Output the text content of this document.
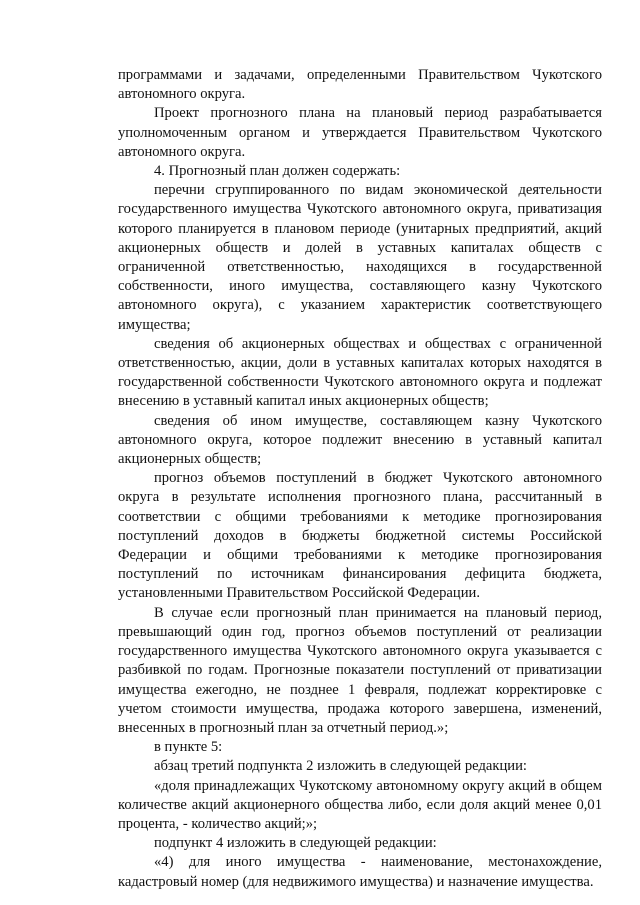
программами и задачами, определенными Правительством Чукотского автономного округа.

Проект прогнозного плана на плановый период разрабатывается уполномоченным органом и утверждается Правительством Чукотского автономного округа.

4. Прогнозный план должен содержать:

перечни сгруппированного по видам экономической деятельности государственного имущества Чукотского автономного округа, приватизация которого планируется в плановом периоде (унитарных предприятий, акций акционерных обществ и долей в уставных капиталах обществ с ограниченной ответственностью, находящихся в государственной собственности, иного имущества, составляющего казну Чукотского автономного округа), с указанием характеристик соответствующего имущества;

сведения об акционерных обществах и обществах с ограниченной ответственностью, акции, доли в уставных капиталах которых находятся в государственной собственности Чукотского автономного округа и подлежат внесению в уставный капитал иных акционерных обществ;

сведения об ином имуществе, составляющем казну Чукотского автономного округа, которое подлежит внесению в уставный капитал акционерных обществ;

прогноз объемов поступлений в бюджет Чукотского автономного округа в результате исполнения прогнозного плана, рассчитанный в соответствии с общими требованиями к методике прогнозирования поступлений доходов в бюджеты бюджетной системы Российской Федерации и общими требованиями к методике прогнозирования поступлений по источникам финансирования дефицита бюджета, установленными Правительством Российской Федерации.

В случае если прогнозный план принимается на плановый период, превышающий один год, прогноз объемов поступлений от реализации государственного имущества Чукотского автономного округа указывается с разбивкой по годам. Прогнозные показатели поступлений от приватизации имущества ежегодно, не позднее 1 февраля, подлежат корректировке с учетом стоимости имущества, продажа которого завершена, изменений, внесенных в прогнозный план за отчетный период.»;

в пункте 5:

абзац третий подпункта 2 изложить в следующей редакции:

«доля принадлежащих Чукотскому автономному округу акций в общем количестве акций акционерного общества либо, если доля акций менее 0,01 процента, - количество акций;»;

подпункт 4 изложить в следующей редакции:

«4) для иного имущества - наименование, местонахождение, кадастровый номер (для недвижимого имущества) и назначение имущества.
